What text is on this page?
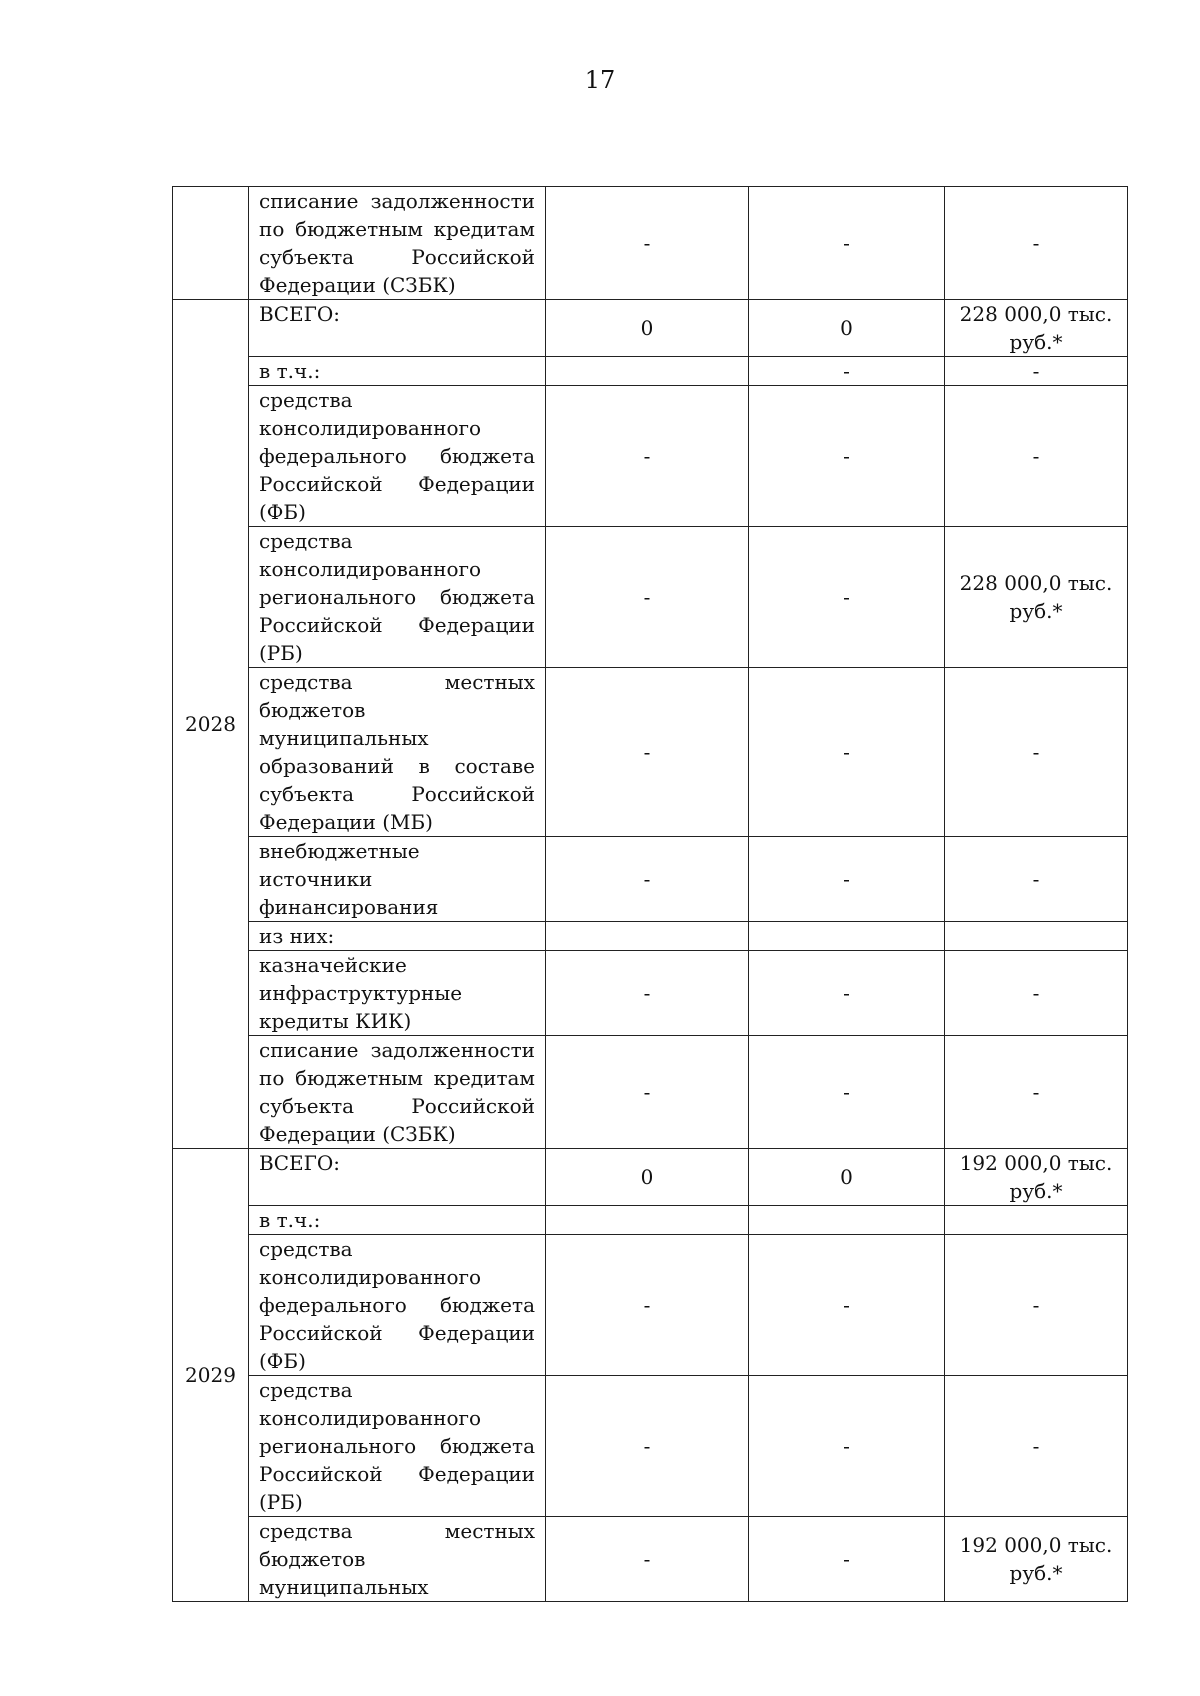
17
	списание задолженности по бюджетным кредитам субъекта Российской Федерации (СЗБК)	-	-	-
2028	ВСЕГО:	0	0	228 000,0 тыс. руб.*
	в т.ч.:		-	-
	средства консолидированного федерального бюджета Российской Федерации (ФБ)	-	-	-
	средства консолидированного регионального бюджета Российской Федерации (РБ)	-	-	228 000,0 тыс. руб.*
	средства местных бюджетов муниципальных образований в составе субъекта Российской Федерации (МБ)	-	-	-
	внебюджетные источники финансирования	-	-	-
	из них:			
	казначейские инфраструктурные кредиты КИК)	-	-	-
	списание задолженности по бюджетным кредитам субъекта Российской Федерации (СЗБК)	-	-	-
2029	ВСЕГО:	0	0	192 000,0 тыс. руб.*
	в т.ч.:			
	средства консолидированного федерального бюджета Российской Федерации (ФБ)	-	-	-
	средства консолидированного регионального бюджета Российской Федерации (РБ)	-	-	-
	средства местных бюджетов муниципальных	-	-	192 000,0 тыс. руб.*
